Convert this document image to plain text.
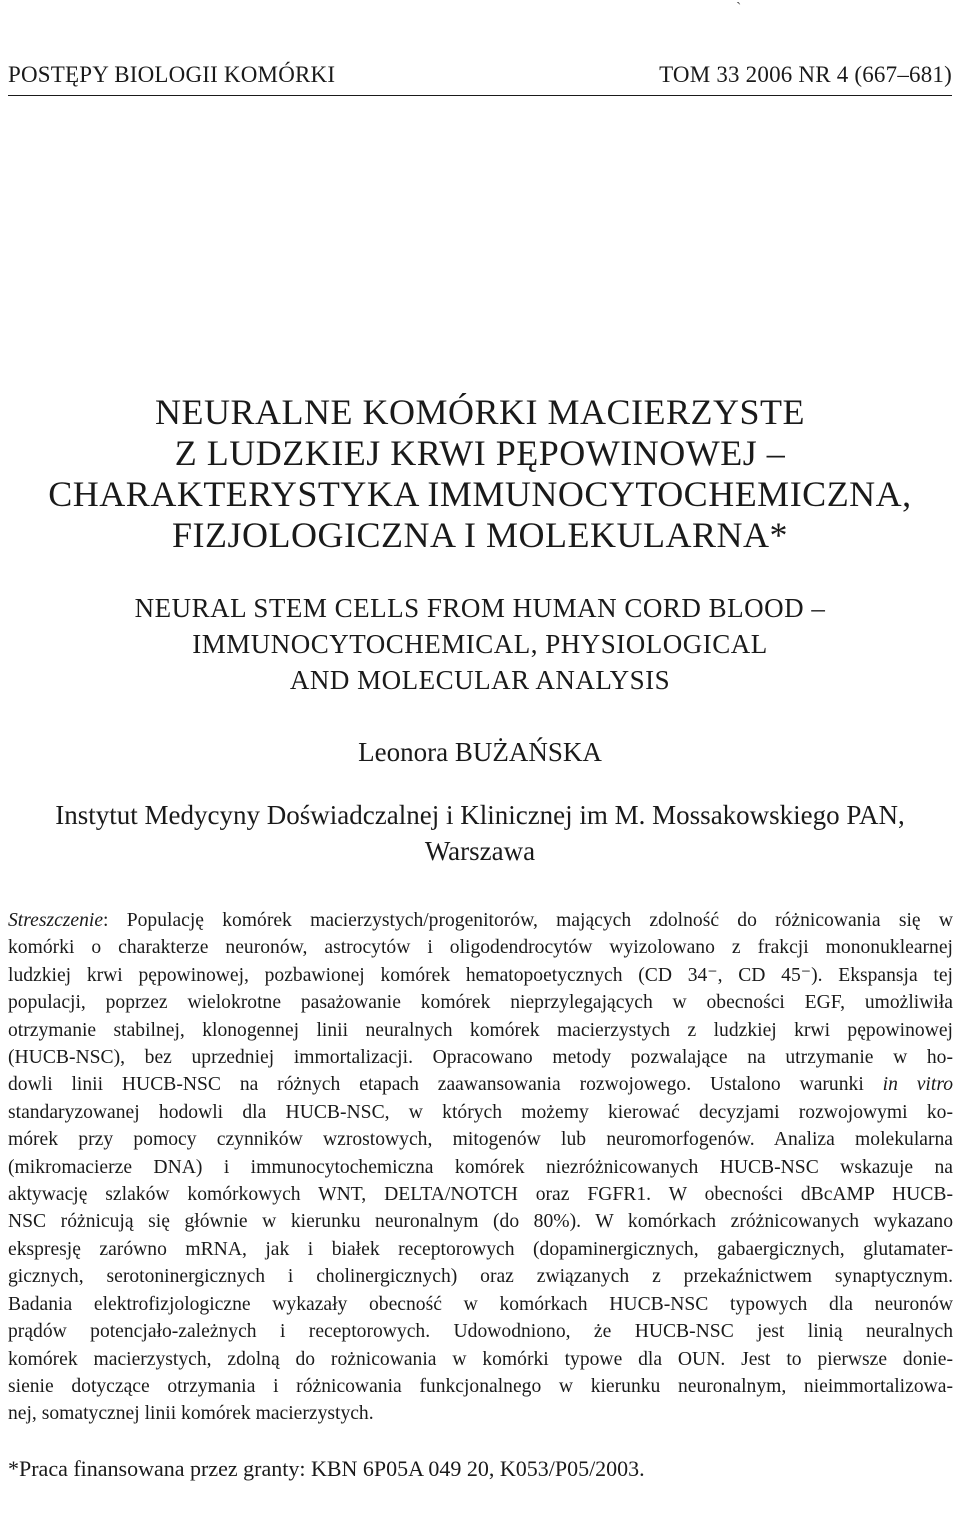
ˋ
POSTĘPY BIOLOGII KOMÓRKI	TOM 33 2006 NR 4 (667–681)
NEURALNE KOMÓRKI MACIERZYSTE
Z LUDZKIEJ KRWI PĘPOWINOWEJ –
CHARAKTERYSTYKA IMMUNOCYTOCHEMICZNA,
FIZJOLOGICZNA I MOLEKULARNA*
NEURAL STEM CELLS FROM HUMAN CORD BLOOD –
IMMUNOCYTOCHEMICAL, PHYSIOLOGICAL
AND MOLECULAR ANALYSIS
Leonora BUŻAŃSKA
Instytut Medycyny Doświadczalnej i Klinicznej im M. Mossakowskiego PAN,
Warszawa
Streszczenie: Populację komórek macierzystych/progenitorów, mających zdolność do różnicowania się w
komórki o charakterze neuronów, astrocytów i oligodendrocytów wyizolowano z frakcji mononuklearnej
ludzkiej krwi pępowinowej, pozbawionej komórek hematopoetycznych (CD 34⁻, CD 45⁻). Ekspansja tej
populacji, poprzez wielokrotne pasażowanie komórek nieprzylegających w obecności EGF, umożliwiła
otrzymanie stabilnej, klonogennej linii neuralnych komórek macierzystych z ludzkiej krwi pępowinowej
(HUCB-NSC), bez uprzedniej immortalizacji. Opracowano metody pozwalające na utrzymanie w ho-
dowli linii HUCB-NSC na różnych etapach zaawansowania rozwojowego. Ustalono warunki in vitro
standaryzowanej hodowli dla HUCB-NSC, w których możemy kierować decyzjami rozwojowymi ko-
mórek przy pomocy czynników wzrostowych, mitogenów lub neuromorfogenów. Analiza molekularna
(mikromacierze DNA) i immunocytochemiczna komórek niezróżnicowanych HUCB-NSC wskazuje na
aktywację szlaków komórkowych WNT, DELTA/NOTCH oraz FGFR1. W obecności dBcAMP HUCB-
NSC różnicują się głównie w kierunku neuronalnym (do 80%). W komórkach zróżnicowanych wykazano
ekspresję zarówno mRNA, jak i białek receptorowych (dopaminergicznych, gabaergicznych, glutamater-
gicznych, serotoninergicznych i cholinergicznych) oraz związanych z przekaźnictwem synaptycznym.
Badania elektrofizjologiczne wykazały obecność w komórkach HUCB-NSC typowych dla neuronów
prądów potencjało-zależnych i receptorowych. Udowodniono, że HUCB-NSC jest linią neuralnych
komórek macierzystych, zdolną do rożnicowania w komórki typowe dla OUN. Jest to pierwsze donie-
sienie dotyczące otrzymania i różnicowania funkcjonalnego w kierunku neuronalnym, nieimmortalizowa-
nej, somatycznej linii komórek macierzystych.
*Praca finansowana przez granty: KBN 6P05A 049 20, K053/P05/2003.
